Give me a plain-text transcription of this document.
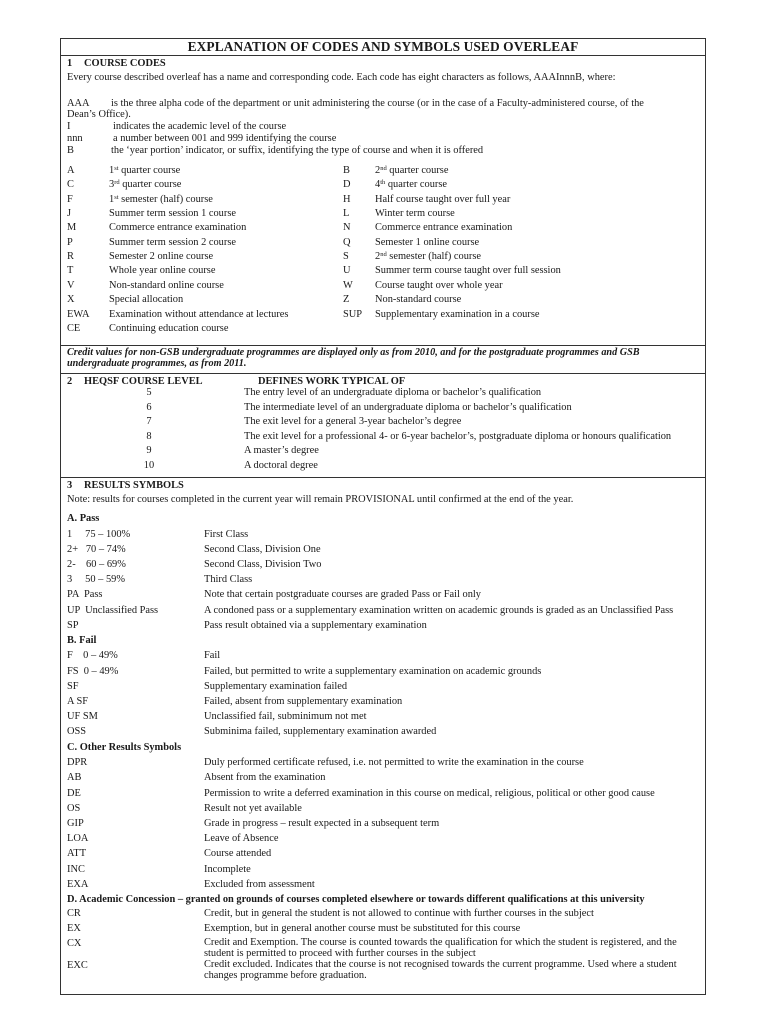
EXPLANATION OF CODES AND SYMBOLS USED OVERLEAF
1 COURSE CODES
Every course described overleaf has a name and corresponding code. Each code has eight characters as follows, AAAInnnB, where:
AAA is the three alpha code of the department or unit administering the course (or in the case of a Faculty-administered course, of the
Dean’s Office).
I	indicates the academic level of the course
nnn	a number between 001 and 999 identifying the course
B	the ‘year portion’ indicator, or suffix, identifying the type of course and when it is offered
A	1st quarter course	B 2nd quarter course
C	3rd quarter course	D 4th quarter course
F	1st semester (half) course	H Half course taught over full year
J	Summer term session 1 course	L Winter term course
M	Commerce entrance examination	N Commerce entrance examination
P	Summer term session 2 course	Q Semester 1 online course
R	Semester 2 online course	S	2nd semester (half) course
T	Whole year online course	U Summer term course taught over full session
V	Non-standard online course	W Course taught over whole year
X	Special allocation	Z Non-standard course
EWA Examination without attendance at lectures	SUP Supplementary examination in a course
CE	Continuing education course
Credit values for non-GSB undergraduate programmes are displayed only as from 2010, and for the postgraduate programmes and GSB undergraduate programmes, as from 2011.
2 HEQSF COURSE LEVEL	DEFINES WORK TYPICAL OF
5	The entry level of an undergraduate diploma or bachelor’s qualification
6	The intermediate level of an undergraduate diploma or bachelor’s qualification
7	The exit level for a general 3-year bachelor’s degree
8	The exit level for a professional 4- or 6-year bachelor’s, postgraduate diploma or honours qualification
9	A master’s degree
10	A doctoral degree
3 RESULTS SYMBOLS
Note: results for courses completed in the current year will remain PROVISIONAL until confirmed at the end of the year.
A. Pass
1     75 – 100%	First Class
2+   70 – 74%	Second Class, Division One
2-    60 – 69%	Second Class, Division Two
3     50 – 59%	Third Class
PA  Pass	Note that certain postgraduate courses are graded Pass or Fail only
UP  Unclassified Pass	A condoned pass or a supplementary examination written on academic grounds is graded as an Unclassified Pass
SP	Pass result obtained via a supplementary examination
B. Fail
F    0 – 49%	Fail
FS  0 – 49%	Failed, but permitted to write a supplementary examination on academic grounds
SF	Supplementary examination failed
A SF	Failed, absent from supplementary examination
UF SM	Unclassified fail, subminimum not met
OSS	Subminima failed, supplementary examination awarded
C. Other Results Symbols
DPR	Duly performed certificate refused, i.e. not permitted to write the examination in the course
AB	Absent from the examination
DE	Permission to write a deferred examination in this course on medical, religious, political or other good cause
OS	Result not yet available
GIP	Grade in progress – result expected in a subsequent term
LOA	Leave of Absence
ATT	Course attended
INC	Incomplete
EXA	Excluded from assessment
D. Academic Concession – granted on grounds of courses completed elsewhere or towards different qualifications at this university
CR	Credit, but in general the student is not allowed to continue with further courses in the subject
EX	Exemption, but in general another course must be substituted for this course
CX	Credit and Exemption. The course is counted towards the qualification for which the student is registered, and the student is permitted to proceed with further courses in the subject
EXC	Credit excluded. Indicates that the course is not recognised towards the current programme. Used where a student changes programme before graduation.
